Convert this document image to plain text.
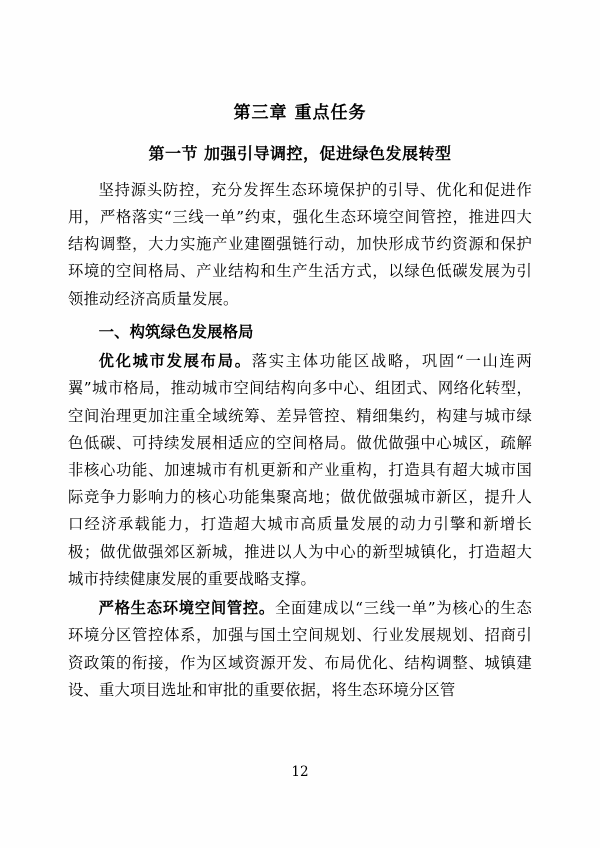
第三章 重点任务
第一节 加强引导调控，促进绿色发展转型

坚持源头防控，充分发挥生态环境保护的引导、优化和促进作用，严格落实“三线一单”约束，强化生态环境空间管控，推进四大结构调整，大力实施产业建圈强链行动，加快形成节约资源和保护环境的空间格局、产业结构和生产生活方式，以绿色低碳发展为引领推动经济高质量发展。

一、构筑绿色发展格局

优化城市发展布局。落实主体功能区战略，巩固“一山连两翼”城市格局，推动城市空间结构向多中心、组团式、网络化转型，空间治理更加注重全域统筹、差异管控、精细集约，构建与城市绿色低碳、可持续发展相适应的空间格局。做优做强中心城区，疏解非核心功能、加速城市有机更新和产业重构，打造具有超大城市国际竞争力影响力的核心功能集聚高地；做优做强城市新区，提升人口经济承载能力，打造超大城市高质量发展的动力引擎和新增长极；做优做强郊区新城，推进以人为中心的新型城镇化，打造超大城市持续健康发展的重要战略支撑。

严格生态环境空间管控。全面建成以“三线一单”为核心的生态环境分区管控体系，加强与国土空间规划、行业发展规划、招商引资政策的衔接，作为区域资源开发、布局优化、结构调整、城镇建设、重大项目选址和审批的重要依据，将生态环境分区管

12
